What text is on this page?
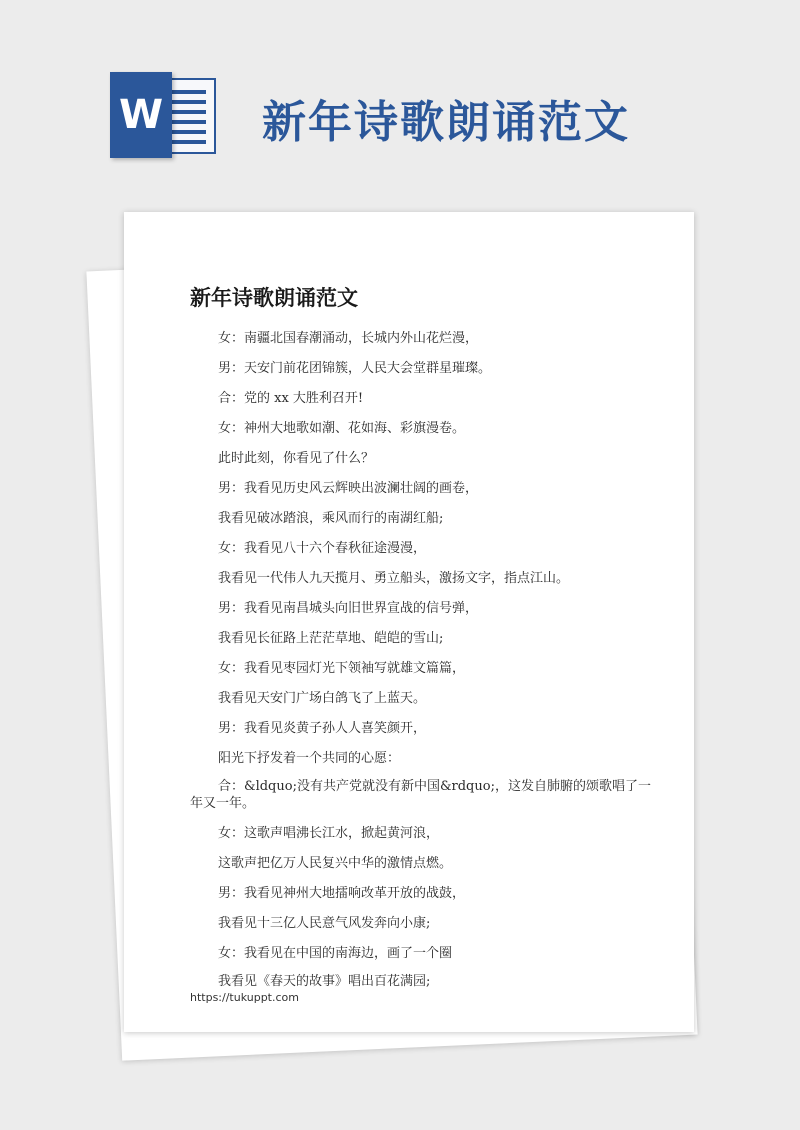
W 新年诗歌朗诵范文
新年诗歌朗诵范文
女：南疆北国春潮涌动，长城内外山花烂漫，
男：天安门前花团锦簇，人民大会堂群星璀璨。
合：党的 xx 大胜利召开!
女：神州大地歌如潮、花如海、彩旗漫卷。
此时此刻，你看见了什么？
男：我看见历史风云辉映出波澜壮阔的画卷，
我看见破冰踏浪，乘风而行的南湖红船;
女：我看见八十六个春秋征途漫漫，
我看见一代伟人九天揽月、勇立船头，激扬文字，指点江山。
男：我看见南昌城头向旧世界宣战的信号弹，
我看见长征路上茫茫草地、皑皑的雪山;
女：我看见枣园灯光下领袖写就雄文篇篇，
我看见天安门广场白鸽飞了上蓝天。
男：我看见炎黄子孙人人喜笑颜开，
阳光下抒发着一个共同的心愿：
合：&ldquo;没有共产党就没有新中国&rdquo;，这发自肺腑的颂歌唱了一年又一年。
女：这歌声唱沸长江水，掀起黄河浪，
这歌声把亿万人民复兴中华的激情点燃。
男：我看见神州大地擂响改革开放的战鼓，
我看见十三亿人民意气风发奔向小康;
女：我看见在中国的南海边，画了一个圈
我看见《春天的故事》唱出百花满园;
https://tukuppt.com
